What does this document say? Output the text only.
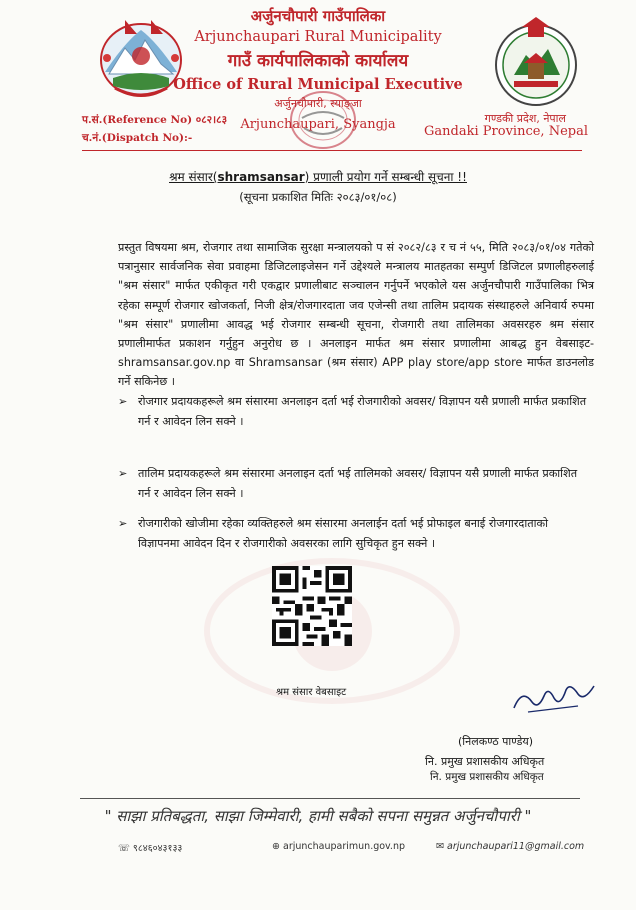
अर्जुनचौपारी गाउँपालिका
Arjunchaupari Rural Municipality
गाउँ कार्यपालिकाको कार्यालय
Office of Rural Municipal Executive
अर्जुनचौपारी, स्याङ्जा
Arjunchaupari, Syangja
प.सं.(Reference No) ०८२।८३
च.नं.(Dispatch No):-
गण्डकी प्रदेश, नेपाल
Gandaki Province, Nepal
श्रम संसार(shramsansar) प्रणाली प्रयोग गर्ने सम्बन्धी सूचना !!
(सूचना प्रकाशित मितिः २०८३/०१/०८)
प्रस्तुत विषयमा श्रम, रोजगार तथा सामाजिक सुरक्षा मन्त्रालयको प सं २०८२/८३ र च नं ५५, मिति २०८३/०१/०४ गतेको पत्रानुसार सार्वजनिक सेवा प्रवाहमा डिजिटलाइजेसन गर्ने उद्देश्यले मन्त्रालय मातहतका सम्पुर्ण डिजिटल प्रणालीहरुलाई "श्रम संसार" मार्फत एकीकृत गरी एकद्वार प्रणालीबाट सञ्चालन गर्नुपर्ने भएकोले यस अर्जुनचौपारी गाउँपालिका भित्र रहेका सम्पूर्ण रोजगार खोजकर्ता, निजी क्षेत्र/रोजगारदाता जव एजेन्सी तथा तालिम प्रदायक संस्थाहरुले अनिवार्य रुपमा "श्रम संसार" प्रणालीमा आवद्ध भई रोजगार सम्बन्धी सूचना, रोजगारी तथा तालिमका अवसरहरु श्रम संसार प्रणालीमार्फत प्रकाशन गर्नुहुन अनुरोध छ । अनलाइन मार्फत श्रम संसार प्रणालीमा आबद्ध हुन वेबसाइट- shramsansar.gov.np वा Shramsansar (श्रम संसार) APP play store/app store मार्फत डाउनलोड गर्ने सकिनेछ ।
➢ रोजगार प्रदायकहरूले श्रम संसारमा अनलाइन दर्ता भई रोजगारीको अवसर/ विज्ञापन यसै प्रणाली मार्फत प्रकाशित गर्न र आवेदन लिन सक्ने ।
➢ तालिम प्रदायकहरूले श्रम संसारमा अनलाइन दर्ता भई तालिमको अवसर/ विज्ञापन यसै प्रणाली मार्फत प्रकाशित गर्न र आवेदन लिन सक्ने ।
➢ रोजगारीको खोजीमा रहेका व्यक्तिहरुले श्रम संसारमा अनलाईन दर्ता भई प्रोफाइल बनाई रोजगारदाताको विज्ञापनमा आवेदन दिन र रोजगारीको अवसरका लागि सुचिकृत हुन सक्ने ।
श्रम संसार वेबसाइट
(निलकण्ठ पाण्डेय)
नि. प्रमुख प्रशासकीय अधिकृत
नि. प्रमुख प्रशासकीय अधिकृत
" साझा प्रतिबद्धता, साझा जिम्मेवारी, हामी सबैको सपना समुन्नत अर्जुनचौपारी "
☏ ९८४६०४३१३३	⊕ arjunchauparimun.gov.np	✉ arjunchaupari11@gmail.com
